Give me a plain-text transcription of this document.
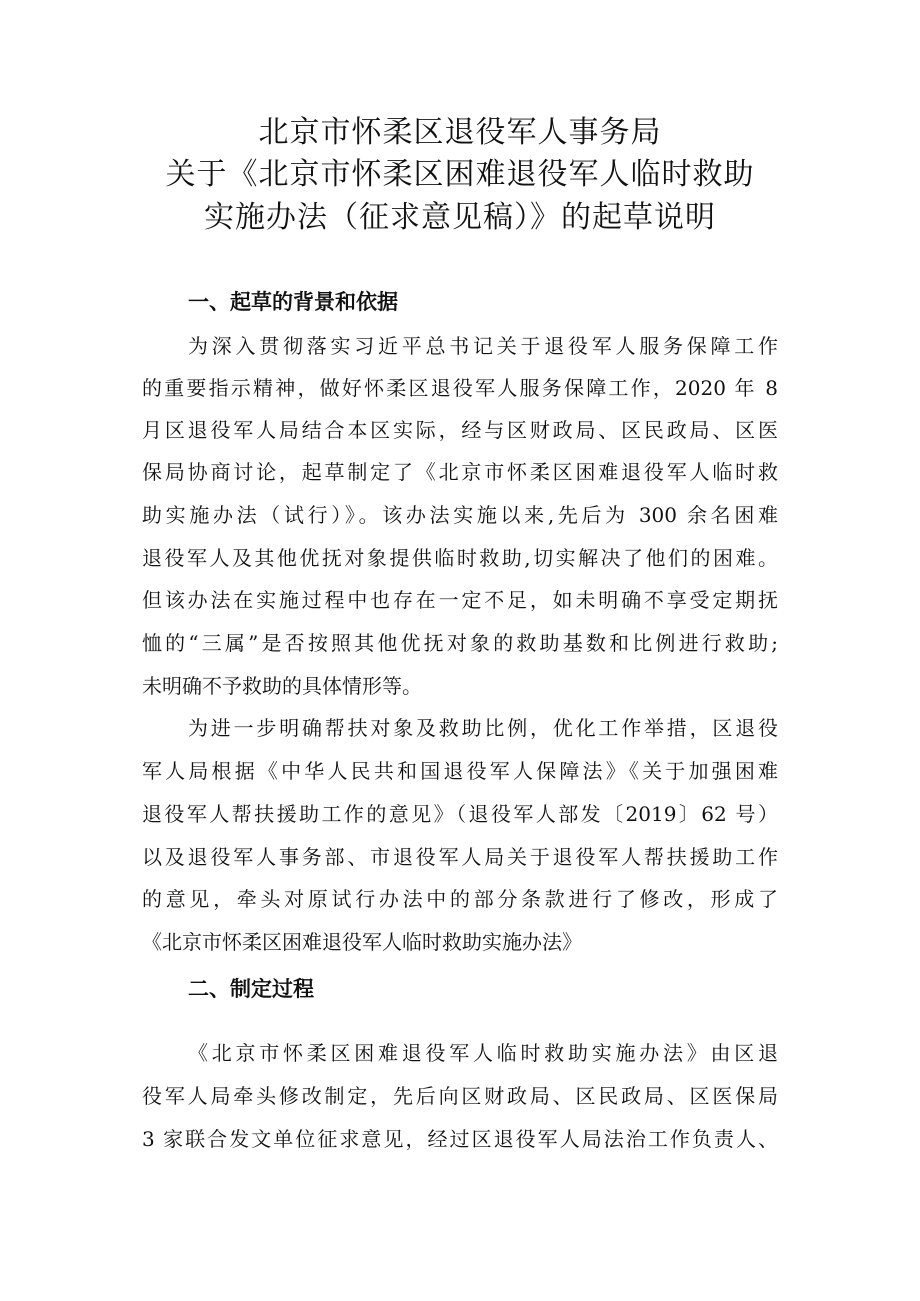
北京市怀柔区退役军人事务局
关于《北京市怀柔区困难退役军人临时救助
实施办法（征求意见稿）》的起草说明
一、起草的背景和依据
为深入贯彻落实习近平总书记关于退役军人服务保障工作
的重要指示精神，做好怀柔区退役军人服务保障工作，2020 年 8
月区退役军人局结合本区实际，经与区财政局、区民政局、区医
保局协商讨论，起草制定了《北京市怀柔区困难退役军人临时救
助实施办法（试行）》。该办法实施以来,先后为 300 余名困难
退役军人及其他优抚对象提供临时救助,切实解决了他们的困难。
但该办法在实施过程中也存在一定不足，如未明确不享受定期抚
恤的“三属”是否按照其他优抚对象的救助基数和比例进行救助;
未明确不予救助的具体情形等。
为进一步明确帮扶对象及救助比例，优化工作举措，区退役
军人局根据《中华人民共和国退役军人保障法》《关于加强困难
退役军人帮扶援助工作的意见》（退役军人部发〔2019〕62 号）
以及退役军人事务部、市退役军人局关于退役军人帮扶援助工作
的意见，牵头对原试行办法中的部分条款进行了修改，形成了
《北京市怀柔区困难退役军人临时救助实施办法》
二、制定过程
《北京市怀柔区困难退役军人临时救助实施办法》由区退
役军人局牵头修改制定，先后向区财政局、区民政局、区医保局
3 家联合发文单位征求意见，经过区退役军人局法治工作负责人、
